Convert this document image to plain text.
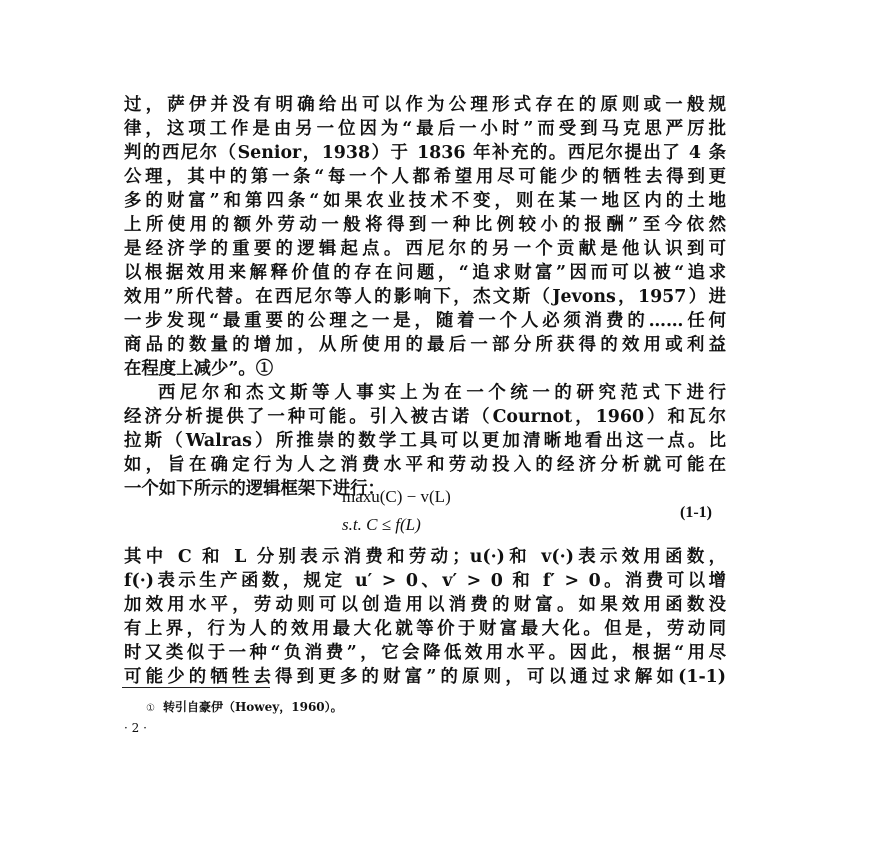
过，萨伊并没有明确给出可以作为公理形式存在的原则或一般规
律，这项工作是由另一位因为“最后一小时”而受到马克思严厉批
判的西尼尔（Senior，1938）于 1836 年补充的。西尼尔提出了 4 条
公理，其中的第一条“每一个人都希望用尽可能少的牺牲去得到更
多的财富”和第四条“如果农业技术不变，则在某一地区内的土地
上所使用的额外劳动一般将得到一种比例较小的报酬”至今依然
是经济学的重要的逻辑起点。西尼尔的另一个贡献是他认识到可
以根据效用来解释价值的存在问题，“追求财富”因而可以被“追求
效用”所代替。在西尼尔等人的影响下，杰文斯（Jevons，1957）进
一步发现“最重要的公理之一是，随着一个人必须消费的……任何
商品的数量的增加，从所使用的最后一部分所获得的效用或利益
在程度上减少”。①
西尼尔和杰文斯等人事实上为在一个统一的研究范式下进行
经济分析提供了一种可能。引入被古诺（Cournot，1960）和瓦尔
拉斯（Walras）所推崇的数学工具可以更加清晰地看出这一点。比
如，旨在确定行为人之消费水平和劳动投入的经济分析就可能在
一个如下所示的逻辑框架下进行：
maxu(C) − v(L)
s.t. C ≤ f(L)
(1-1)
其中 C 和 L 分别表示消费和劳动；u(·)和 v(·)表示效用函数，
f(·)表示生产函数，规定 u′ > 0、v′ > 0 和 f′ > 0。消费可以增
加效用水平，劳动则可以创造用以消费的财富。如果效用函数没
有上界，行为人的效用最大化就等价于财富最大化。但是，劳动同
时又类似于一种“负消费”，它会降低效用水平。因此，根据“用尽
可能少的牺牲去得到更多的财富”的原则，可以通过求解如(1-1)
① 转引自豪伊（Howey，1960）。
· 2 ·
